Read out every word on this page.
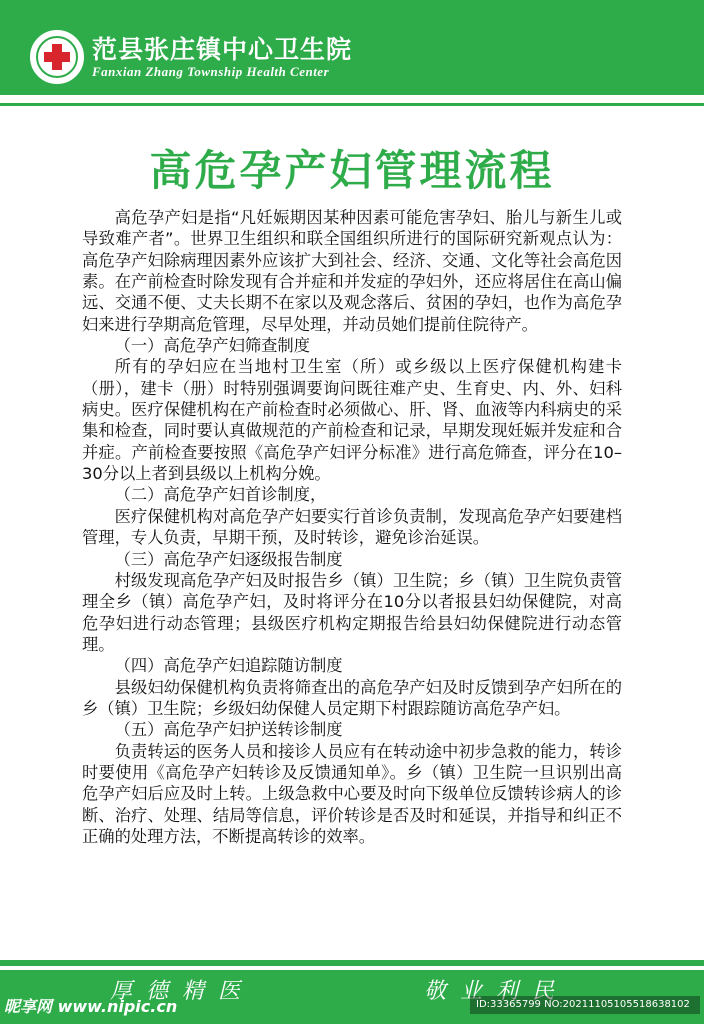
范县张庄镇中心卫生院
Fanxian Zhang Township Health Center
高危孕产妇管理流程

高危孕产妇是指“凡妊娠期因某种因素可能危害孕妇、胎儿与新生儿或导致难产者”。世界卫生组织和联全国组织所进行的国际研究新观点认为：高危孕产妇除病理因素外应该扩大到社会、经济、交通、文化等社会高危因素。在产前检查时除发现有合并症和并发症的孕妇外，还应将居住在高山偏远、交通不便、丈夫长期不在家以及观念落后、贫困的孕妇，也作为高危孕妇来进行孕期高危管理，尽早处理，并动员她们提前住院待产。

（一）高危孕产妇筛查制度

所有的孕妇应在当地村卫生室（所）或乡级以上医疗保健机构建卡（册），建卡（册）时特别强调要询问既往难产史、生育史、内、外、妇科病史。医疗保健机构在产前检查时必须做心、肝、肾、血液等内科病史的采集和检查，同时要认真做规范的产前检查和记录，早期发现妊娠并发症和合并症。产前检查要按照《高危孕产妇评分标准》进行高危筛查，评分在10–30分以上者到县级以上机构分娩。

（二）高危孕产妇首诊制度，

医疗保健机构对高危孕产妇要实行首诊负责制，发现高危孕产妇要建档管理，专人负责，早期干预，及时转诊，避免诊治延误。

（三）高危孕产妇逐级报告制度

村级发现高危孕产妇及时报告乡（镇）卫生院；乡（镇）卫生院负责管理全乡（镇）高危孕产妇，及时将评分在10分以者报县妇幼保健院，对高危孕妇进行动态管理；县级医疗机构定期报告给县妇幼保健院进行动态管理。

（四）高危孕产妇追踪随访制度

县级妇幼保健机构负责将筛查出的高危孕产妇及时反馈到孕产妇所在的乡（镇）卫生院；乡级妇幼保健人员定期下村跟踪随访高危孕产妇。

（五）高危孕产妇护送转诊制度

负责转运的医务人员和接诊人员应有在转动途中初步急救的能力，转诊时要使用《高危孕产妇转诊及反馈通知单》。乡（镇）卫生院一旦识别出高危孕产妇后应及时上转。上级急救中心要及时向下级单位反馈转诊病人的诊断、治疗、处理、结局等信息，评价转诊是否及时和延误，并指导和纠正不正确的处理方法，不断提高转诊的效率。

厚德精医	敬业利民
昵享网 www.nipic.cn	ID:33365799 NO:20211105105518638102
